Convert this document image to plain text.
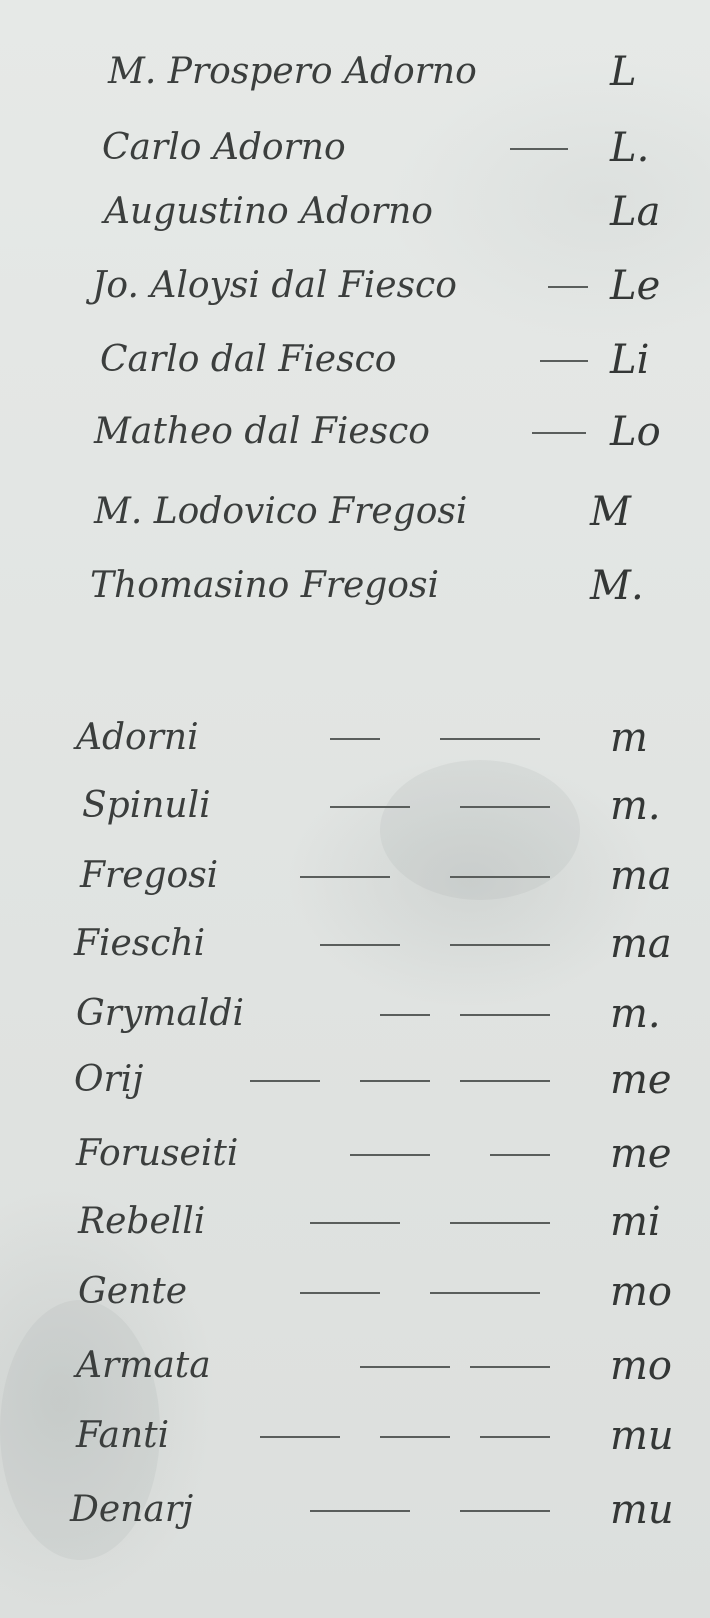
M. Prospero Adorno	L
Carlo Adorno	L.
Augustino Adorno	La
Jo. Aloysi dal Fiesco	Le
Carlo dal Fiesco	Li
Matheo dal Fiesco	Lo
M. Lodovico Fregosi	M
Thomasino Fregosi	M.
Adorni	m
Spinuli	m.
Fregosi	ma
Fieschi	ma
Grymaldi	m.
Orij	me
Foruseiti	me
Rebelli	mi
Gente	mo
Armata	mo
Fanti	mu
Denarj	mu
